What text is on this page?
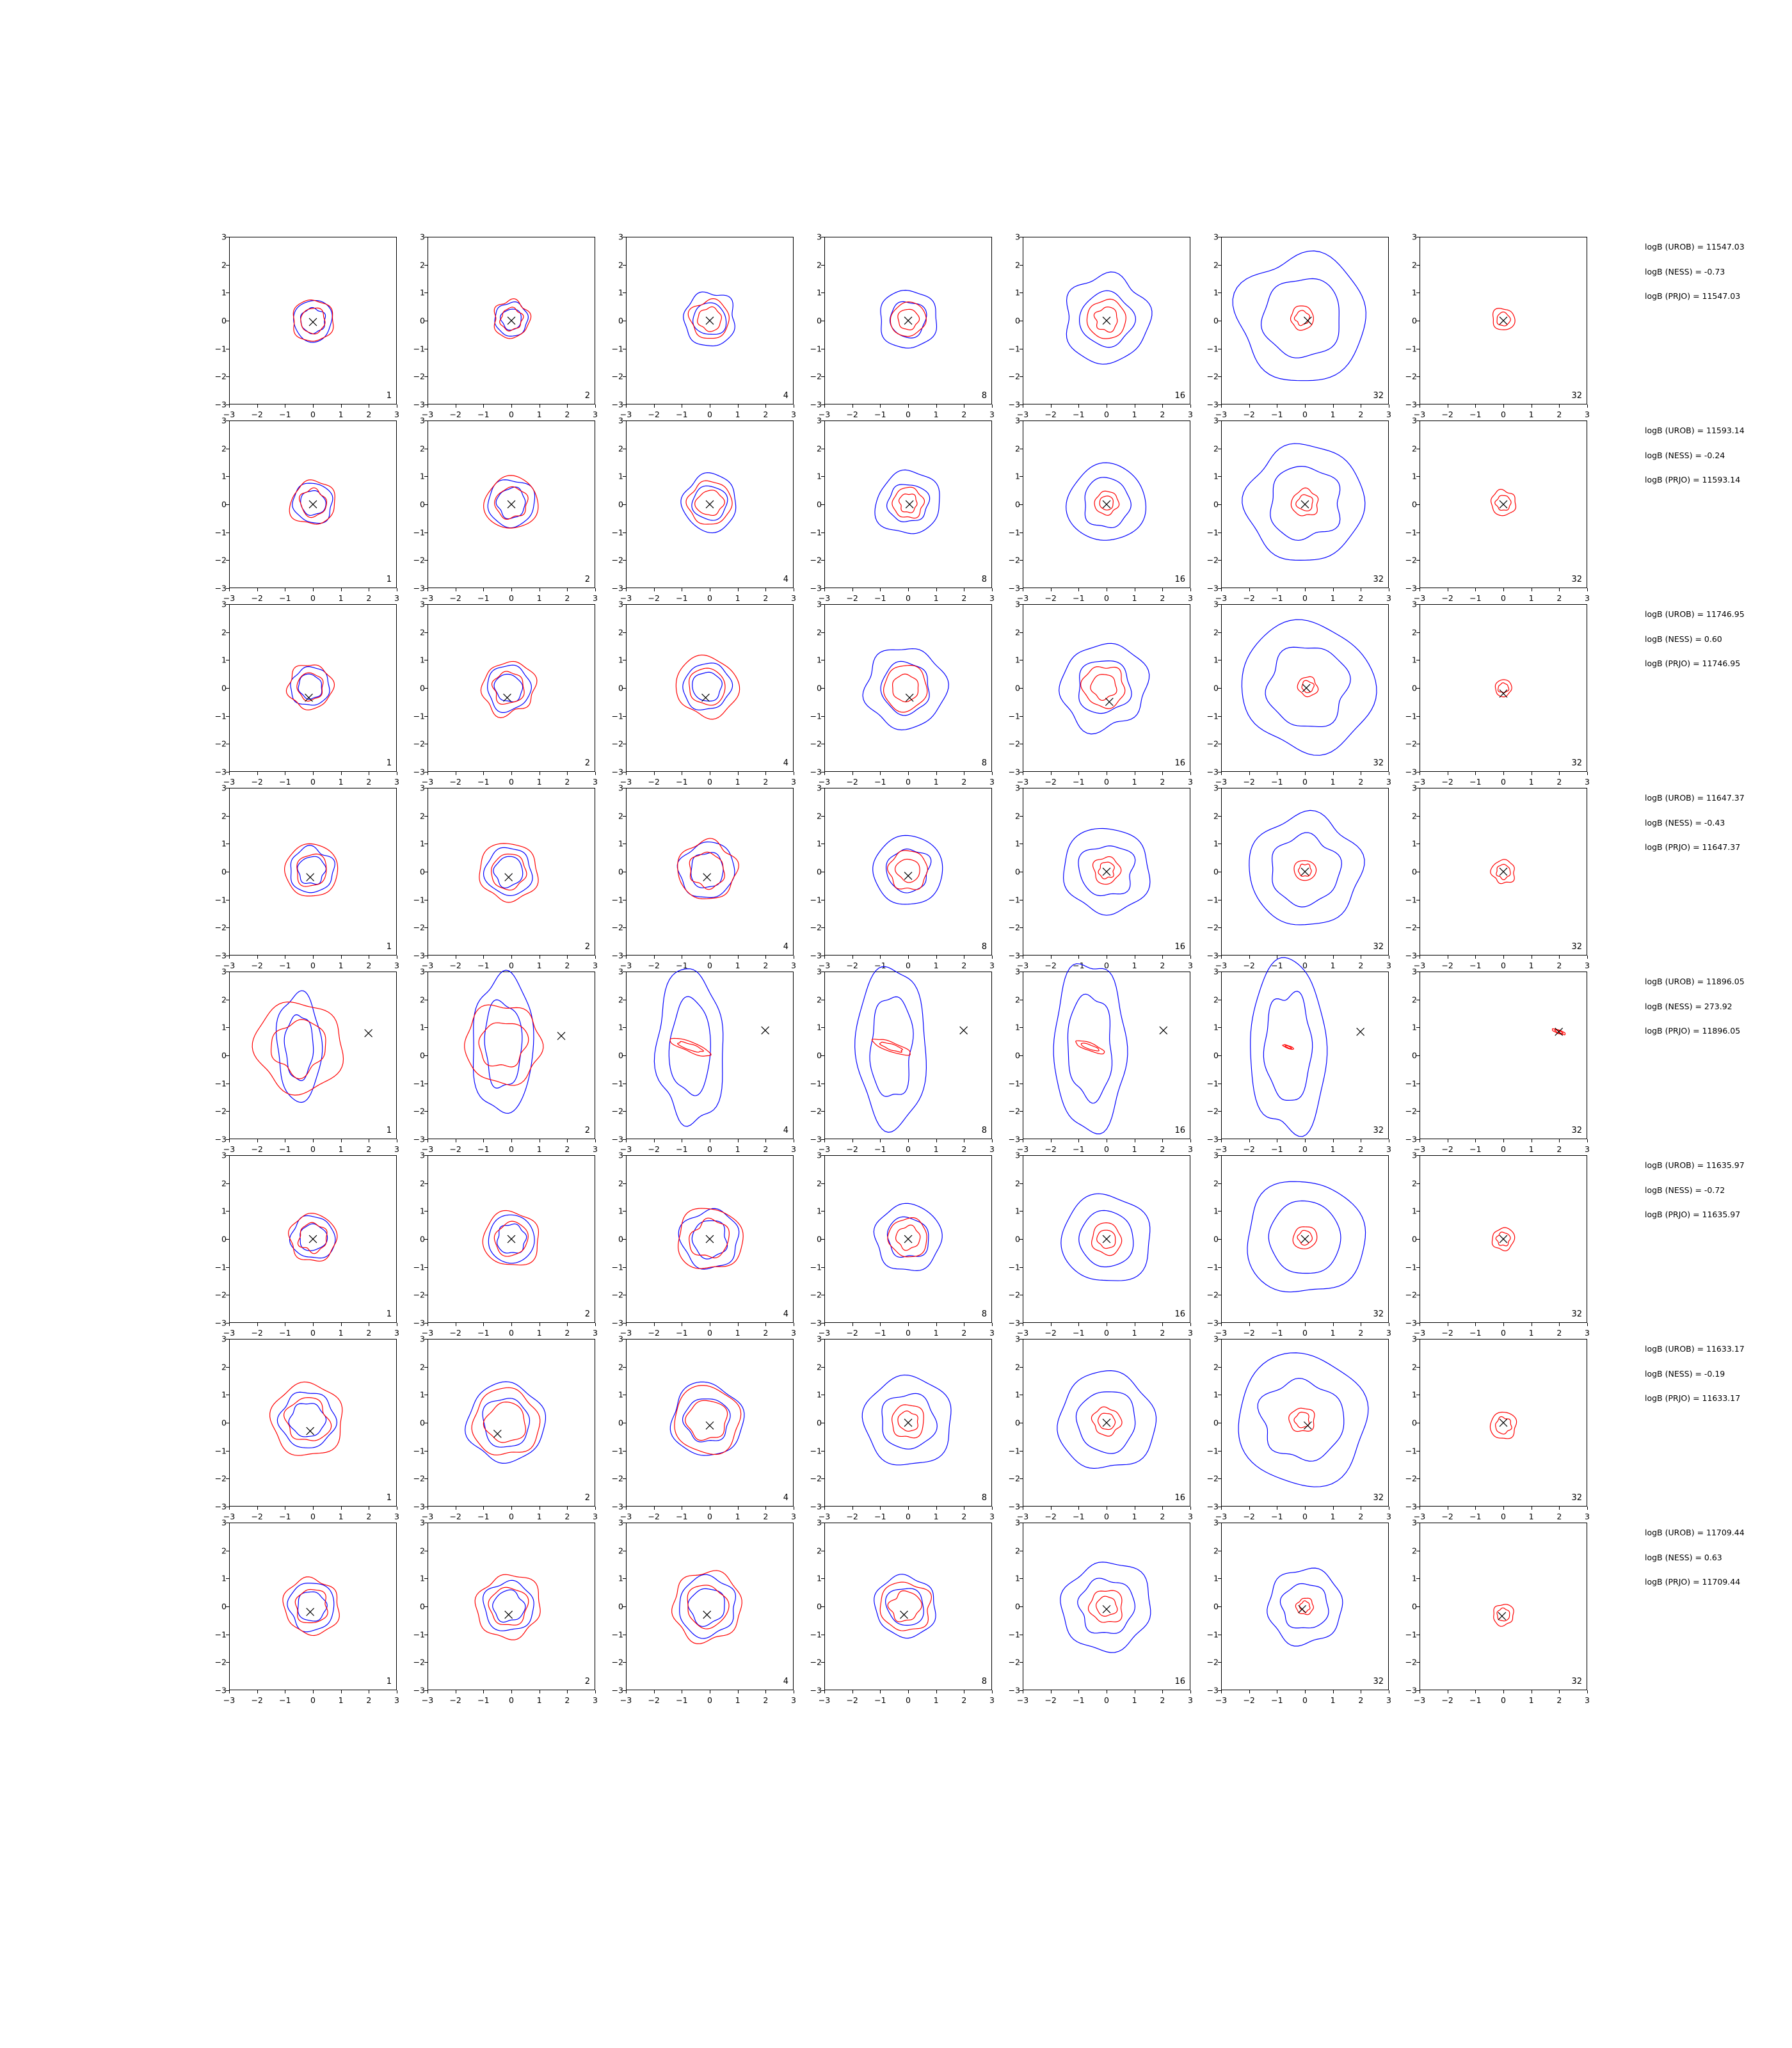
−3 −2 −1 0	1	2	3
−3
−2
−1
0
1
2
3
1
−3 −2 −1 0	1	2	3
−3
−2
−1
0
1
2
3
2
−3 −2 −1 0	1	2	3
−3
−2
−1
0
1
2
3
4
−3 −2 −1 0	1	2	3
−3
−2
−1
0
1
2
3
8
−3 −2 −1 0	1	2	3
−3
−2
−1
0
1
2
3
16
−3 −2 −1 0	1	2	3
−3
−2
−1
0
1
2
3
32
−3 −2 −1 0	1	2	3
−3
−2
−1
0
1
2
3
32
−3 −2 −1 0	1	2	3
−3
−2
−1
0
1
2
3
1
−3 −2 −1 0	1	2	3
−3
−2
−1
0
1
2
3
2
−3 −2 −1 0	1	2	3
−3
−2
−1
0
1
2
3
4
−3 −2 −1 0	1	2	3
−3
−2
−1
0
1
2
3
8
−3 −2 −1 0	1	2	3
−3
−2
−1
0
1
2
3
16
−3 −2 −1 0	1	2	3
−3
−2
−1
0
1
2
3
32
−3 −2 −1 0	1	2	3
−3
−2
−1
0
1
2
3
32
−3 −2 −1 0	1	2	3
−3
−2
−1
0
1
2
3
1
−3 −2 −1 0	1	2	3
−3
−2
−1
0
1
2
3
2
−3 −2 −1 0	1	2	3
−3
−2
−1
0
1
2
3
4
−3 −2 −1 0	1	2	3
−3
−2
−1
0
1
2
3
8
−3 −2 −1 0	1	2	3
−3
−2
−1
0
1
2
3
16
−3 −2 −1 0	1	2	3
−3
−2
−1
0
1
2
3
32
−3 −2 −1 0	1	2	3
−3
−2
−1
0
1
2
3
32
−3 −2 −1 0	1	2	3
−3
−2
−1
0
1
2
3
1
−3 −2 −1 0	1	2	3
−3
−2
−1
0
1
2
3
2
−3 −2 −1 0	1	2	3
−3
−2
−1
0
1
2
3
4
−3 −2 −1 0	1	2	3
−3
−2
−1
0
1
2
3
8
−3 −2 −1 0	1	2	3
−3
−2
−1
0
1
2
3
16
−3 −2 −1 0	1	2	3
−3
−2
−1
0
1
2
3
32
−3 −2 −1 0	1	2	3
−3
−2
−1
0
1
2
3
32
−3 −2 −1 0	1	2	3
−3
−2
−1
0
1
2
3
1
−3 −2 −1 0	1	2	3
−3
−2
−1
0
1
2
3
2
−3 −2 −1 0	1	2	3
−3
−2
−1
0
1
2
3
4
−3 −2 −1 0	1	2	3
−3
−2
−1
0
1
2
3
8
−3 −2 −1 0	1	2	3
−3
−2
−1
0
1
2
3
16
−3 −2 −1 0	1	2	3
−3
−2
−1
0
1
2
3
32
−3 −2 −1 0	1	2	3
−3
−2
−1
0
1
2
3
32
−3 −2 −1 0	1	2	3
−3
−2
−1
0
1
2
3
1
−3 −2 −1 0	1	2	3
−3
−2
−1
0
1
2
3
2
−3 −2 −1 0	1	2	3
−3
−2
−1
0
1
2
3
4
−3 −2 −1 0	1	2	3
−3
−2
−1
0
1
2
3
8
−3 −2 −1 0	1	2	3
−3
−2
−1
0
1
2
3
16
−3 −2 −1 0	1	2	3
−3
−2
−1
0
1
2
3
32
−3 −2 −1 0	1	2	3
−3
−2
−1
0
1
2
3
32
−3 −2 −1 0	1	2	3
−3
−2
−1
0
1
2
3
1
−3 −2 −1 0	1	2	3
−3
−2
−1
0
1
2
3
2
−3 −2 −1 0	1	2	3
−3
−2
−1
0
1
2
3
4
−3 −2 −1 0	1	2	3
−3
−2
−1
0
1
2
3
8
−3 −2 −1 0	1	2	3
−3
−2
−1
0
1
2
3
16
−3 −2 −1 0	1	2	3
−3
−2
−1
0
1
2
3
32
−3 −2 −1 0	1	2	3
−3
−2
−1
0
1
2
3
32
−3 −2 −1 0	1	2	3
−3
−2
−1
0
1
2
3
1
−3 −2 −1 0	1	2	3
−3
−2
−1
0
1
2
3
2
−3 −2 −1 0	1	2	3
−3
−2
−1
0
1
2
3
4
−3 −2 −1 0	1	2	3
−3
−2
−1
0
1
2
3
8
−3 −2 −1 0	1	2	3
−3
−2
−1
0
1
2
3
16
−3 −2 −1 0	1	2	3
−3
−2
−1
0
1
2
3
32
−3 −2 −1 0	1	2	3
−3
−2
−1
0
1
2
3
32
logB (UROB) = 11547.03
logB (NESS) = -0.73
logB (PRJO) = 11547.03
logB (UROB) = 11593.14
logB (NESS) = -0.24
logB (PRJO) = 11593.14
logB (UROB) = 11746.95
logB (NESS) = 0.60
logB (PRJO) = 11746.95
logB (UROB) = 11647.37
logB (NESS) = -0.43
logB (PRJO) = 11647.37
logB (UROB) = 11896.05
logB (NESS) = 273.92
logB (PRJO) = 11896.05
logB (UROB) = 11635.97
logB (NESS) = -0.72
logB (PRJO) = 11635.97
logB (UROB) = 11633.17
logB (NESS) = -0.19
logB (PRJO) = 11633.17
logB (UROB) = 11709.44
logB (NESS) = 0.63
logB (PRJO) = 11709.44
